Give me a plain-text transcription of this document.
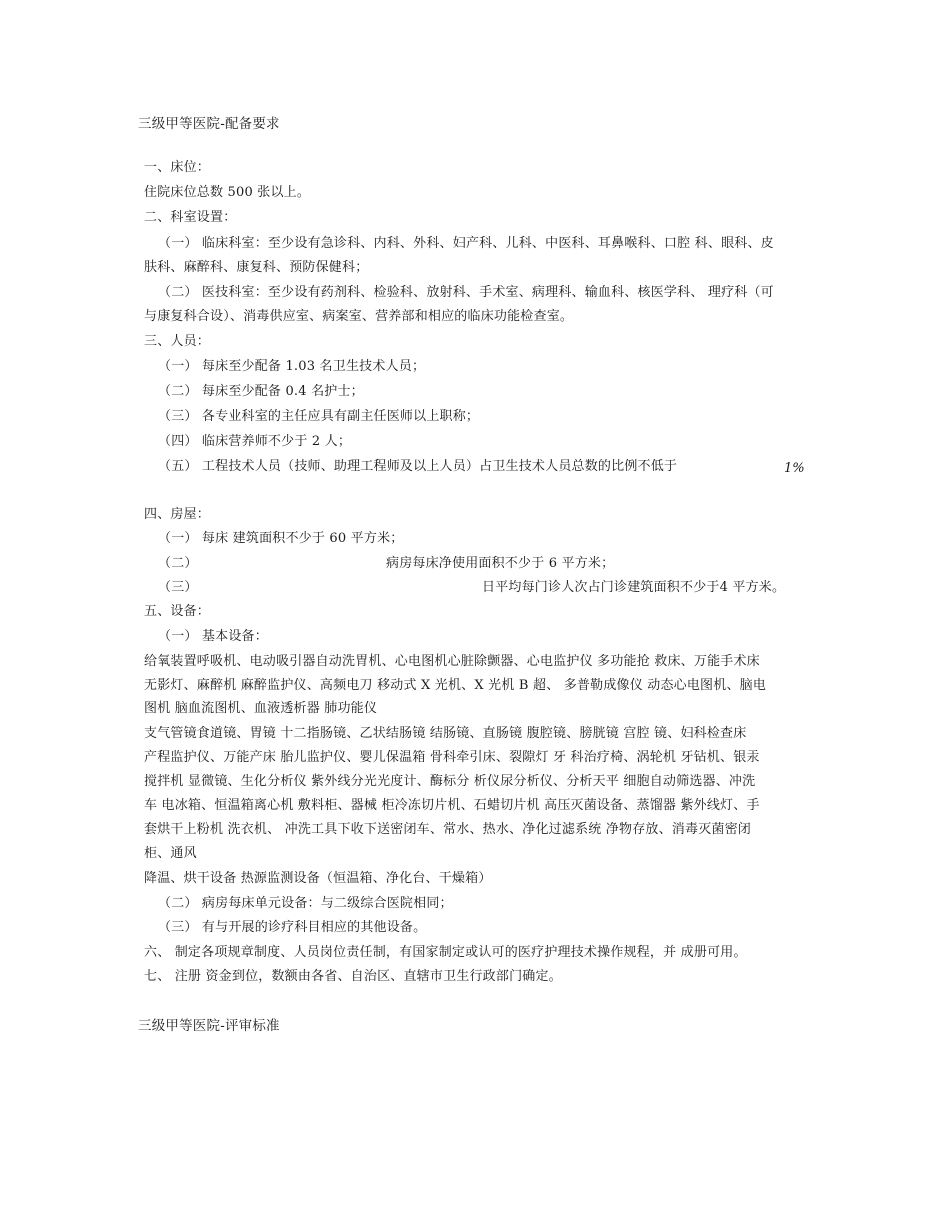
三级甲等医院-配备要求
一、床位：
住院床位总数 500 张以上。
二、科室设置：
（一） 临床科室：至少设有急诊科、内科、外科、妇产科、儿科、中医科、耳鼻喉科、口腔 科、眼科、皮
肤科、麻醉科、康复科、预防保健科；
（二） 医技科室：至少设有药剂科、检验科、放射科、手术室、病理科、输血科、核医学科、 理疗科（可
与康复科合设）、消毒供应室、病案室、营养部和相应的临床功能检查室。
三、人员：
（一） 每床至少配备 1.03 名卫生技术人员；
（二） 每床至少配备 0.4 名护士；
（三） 各专业科室的主任应具有副主任医师以上职称；
（四） 临床营养师不少于 2 人；
（五） 工程技术人员（技师、助理工程师及以上人员）占卫生技术人员总数的比例不低于	1%
四、房屋：
（一） 每床 建筑面积不少于 60 平方米；
（二）	病房每床净使用面积不少于 6 平方米；
（三）	日平均每门诊人次占门诊建筑面积不少于4 平方米。
五、设备：
（一） 基本设备：
给氧装置呼吸机、电动吸引器自动洗胃机、心电图机心脏除颤器、心电监护仪 多功能抢 救床、万能手术床
无影灯、麻醉机 麻醉监护仪、高频电刀 移动式 X 光机、X 光机 B 超、 多普勒成像仪 动态心电图机、脑电
图机 脑血流图机、血液透析器 肺功能仪
支气管镜食道镜、胃镜 十二指肠镜、乙状结肠镜 结肠镜、直肠镜 腹腔镜、膀胱镜 宫腔 镜、妇科检查床
产程监护仪、万能产床 胎儿监护仪、婴儿保温箱 骨科牵引床、裂隙灯 牙 科治疗椅、涡轮机 牙钻机、银汞
搅拌机 显微镜、生化分析仪 紫外线分光光度计、酶标分 析仪尿分析仪、分析天平 细胞自动筛选器、冲洗
车 电冰箱、恒温箱离心机 敷料柜、器械 柜冷冻切片机、石蜡切片机 高压灭菌设备、蒸馏器 紫外线灯、手
套烘干上粉机 洗衣机、 冲洗工具下收下送密闭车、常水、热水、净化过滤系统 净物存放、消毒灭菌密闭
柜、通风
降温、烘干设备 热源监测设备（恒温箱、净化台、干燥箱）
（二） 病房每床单元设备：与二级综合医院相同；
（三） 有与开展的诊疗科目相应的其他设备。
六、 制定各项规章制度、人员岗位责任制，有国家制定或认可的医疗护理技术操作规程，并 成册可用。
七、 注册 资金到位，数额由各省、自治区、直辖市卫生行政部门确定。
三级甲等医院-评审标准
